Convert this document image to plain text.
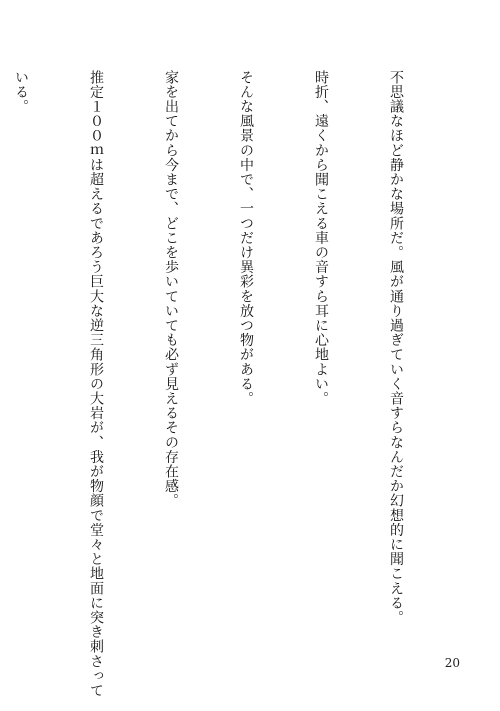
不思議なほど静かな場所だ。風が通り過ぎていく音すらなんだか幻想的に聞こえる。

時折、遠くから聞こえる車の音すら耳に心地よい。

そんな風景の中で、一つだけ異彩を放つ物がある。

家を出てから今まで、どこを歩いていても必ず見えるその存在感。

推定１００ｍは超えるであろう巨大な逆三角形の大岩が、我が物顔で堂々と地面に突き刺さって

いる。

20
